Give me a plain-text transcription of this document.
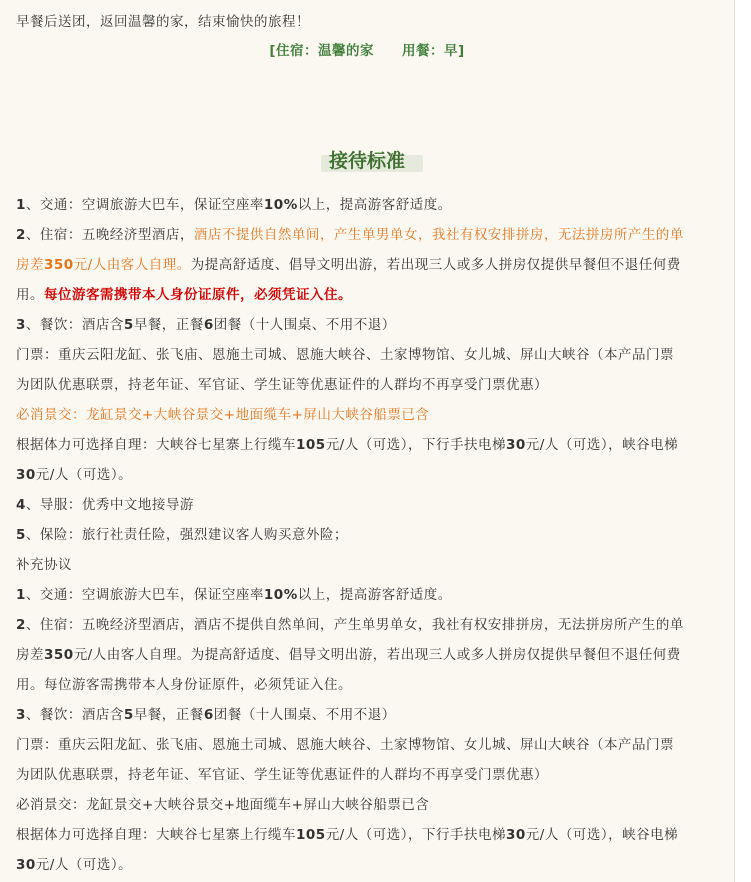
早餐后送团，返回温馨的家，结束愉快的旅程！
[住宿：温馨的家 用餐：早]
接待标准
1、交通：空调旅游大巴车，保证空座率10%以上，提高游客舒适度。
2、住宿：五晚经济型酒店，酒店不提供自然单间，产生单男单女，我社有权安排拼房，无法拼房所产生的单
房差350元/人由客人自理。为提高舒适度、倡导文明出游，若出现三人或多人拼房仅提供早餐但不退任何费
用。每位游客需携带本人身份证原件，必须凭证入住。
3、餐饮：酒店含5早餐，正餐6团餐（十人围桌、不用不退）
门票：重庆云阳龙缸、张飞庙、恩施土司城、恩施大峡谷、土家博物馆、女儿城、屏山大峡谷（本产品门票
为团队优惠联票，持老年证、军官证、学生证等优惠证件的人群均不再享受门票优惠）
必消景交：龙缸景交+大峡谷景交+地面缆车+屏山大峡谷船票已含
根据体力可选择自理：大峡谷七星寨上行缆车105元/人（可选），下行手扶电梯30元/人（可选），峡谷电梯
30元/人（可选）。
4、导服：优秀中文地接导游
5、保险：旅行社责任险，强烈建议客人购买意外险；
补充协议
1、交通：空调旅游大巴车，保证空座率10%以上，提高游客舒适度。
2、住宿：五晚经济型酒店，酒店不提供自然单间，产生单男单女，我社有权安排拼房，无法拼房所产生的单
房差350元/人由客人自理。为提高舒适度、倡导文明出游，若出现三人或多人拼房仅提供早餐但不退任何费
用。每位游客需携带本人身份证原件，必须凭证入住。
3、餐饮：酒店含5早餐，正餐6团餐（十人围桌、不用不退）
门票：重庆云阳龙缸、张飞庙、恩施土司城、恩施大峡谷、土家博物馆、女儿城、屏山大峡谷（本产品门票
为团队优惠联票，持老年证、军官证、学生证等优惠证件的人群均不再享受门票优惠）
必消景交：龙缸景交+大峡谷景交+地面缆车+屏山大峡谷船票已含
根据体力可选择自理：大峡谷七星寨上行缆车105元/人（可选），下行手扶电梯30元/人（可选），峡谷电梯
30元/人（可选）。
